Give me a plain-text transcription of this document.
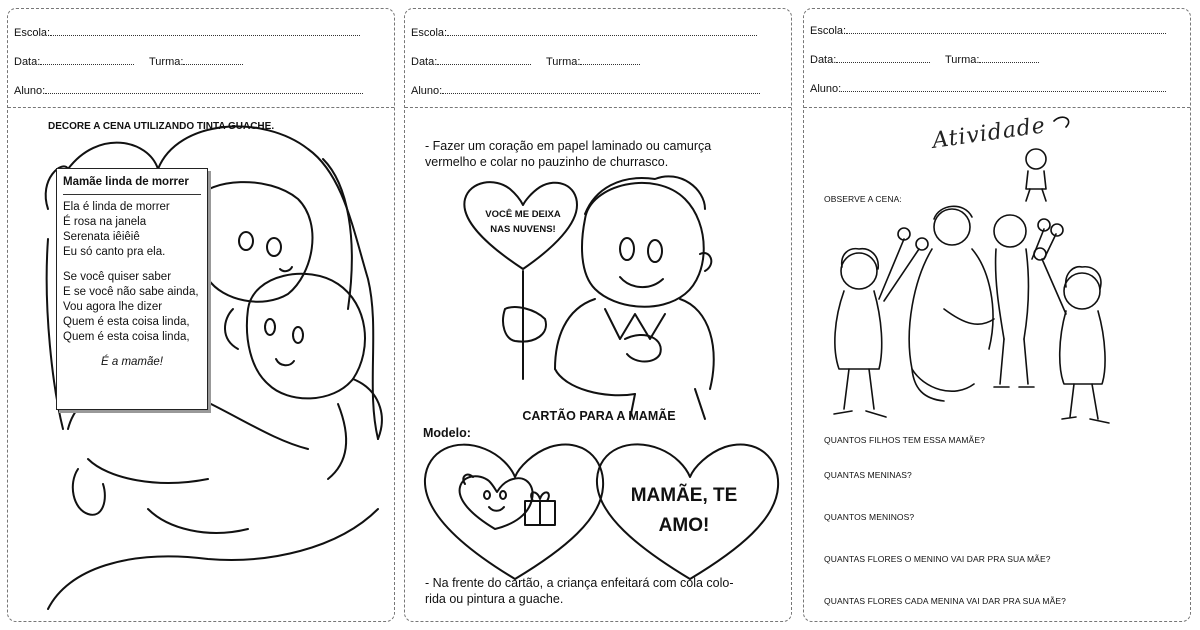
Escola:
Data:	Turma:
Aluno:
DECORE A CENA UTILIZANDO TINTA GUACHE.
Mamãe linda de morrer
Ela é linda de morrer
É rosa na janela
Serenata iêiêiê
Eu só canto pra ela.
Se você quiser saber
E se você não sabe ainda,
Vou agora lhe dizer
Quem é esta coisa linda,
Quem é esta coisa linda,
É a mamãe!
Escola:
Data:	Turma:
Aluno:
- Fazer um coração em papel laminado ou camurça
vermelho e colar no pauzinho de churrasco.
VOCÊ ME DEIXA
NAS NUVENS!
CARTÃO PARA A MAMÃE
Modelo:
MAMÃE, TE
AMO!
- Na frente do cartão, a criança enfeitará com cola colo-
rida ou pintura a guache.
Escola:
Data:	Turma:
Aluno:
Atividade
OBSERVE A CENA:
QUANTOS FILHOS TEM ESSA MAMÃE?
QUANTAS MENINAS?
QUANTOS MENINOS?
QUANTAS FLORES O MENINO VAI DAR PRA SUA MÃE?
QUANTAS FLORES CADA MENINA VAI DAR PRA SUA MÃE?
